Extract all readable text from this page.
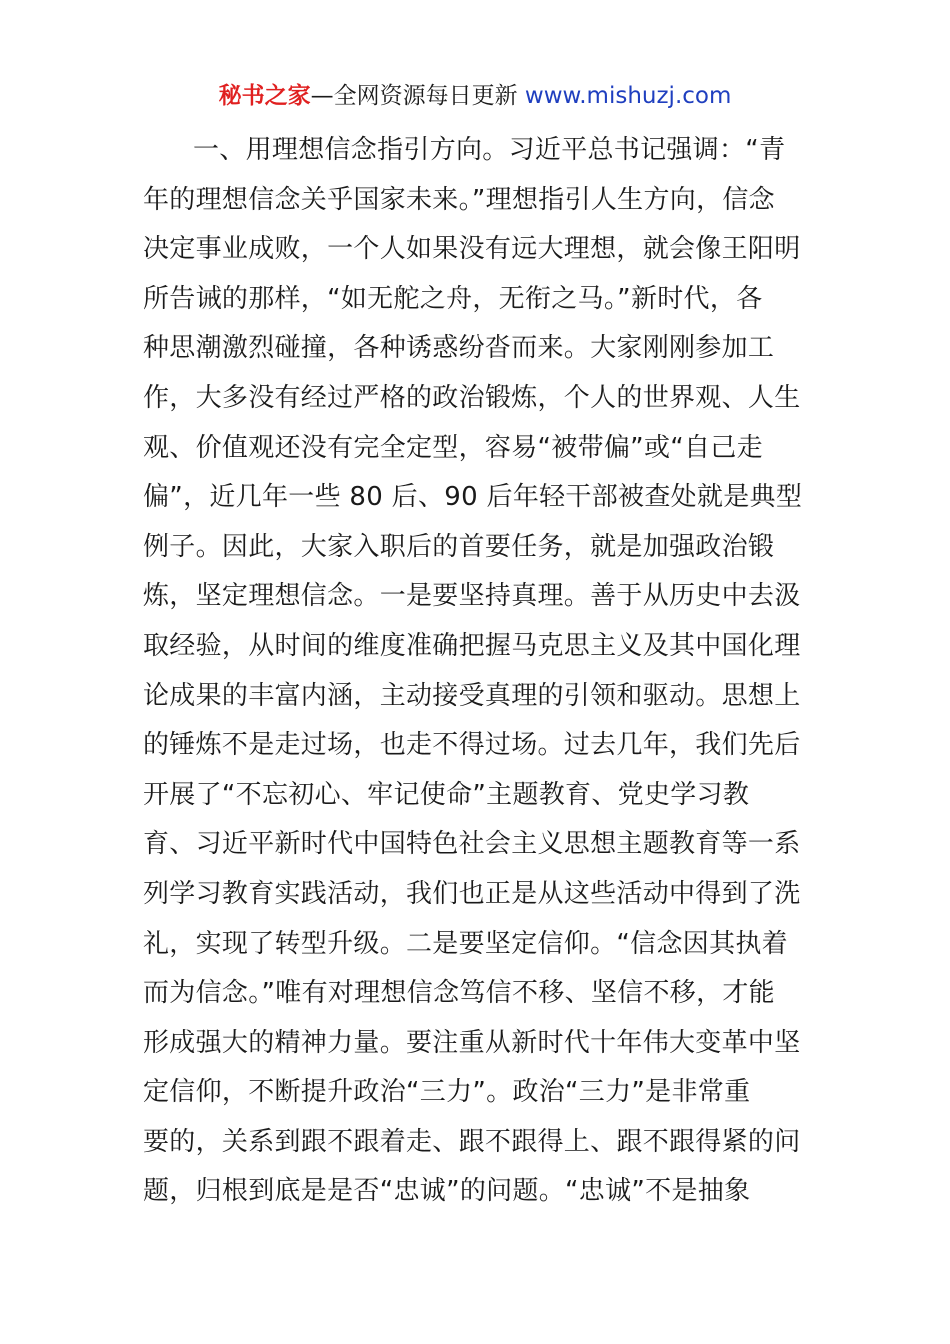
秘书之家—全网资源每日更新 www.mishuzj.com
一、用理想信念指引方向。习近平总书记强调：“青
年的理想信念关乎国家未来。”理想指引人生方向，信念
决定事业成败，一个人如果没有远大理想，就会像王阳明
所告诫的那样，“如无舵之舟，无衔之马。”新时代，各
种思潮激烈碰撞，各种诱惑纷沓而来。大家刚刚参加工
作，大多没有经过严格的政治锻炼，个人的世界观、人生
观、价值观还没有完全定型，容易“被带偏”或“自己走
偏”，近几年一些 80 后、90 后年轻干部被查处就是典型
例子。因此，大家入职后的首要任务，就是加强政治锻
炼，坚定理想信念。一是要坚持真理。善于从历史中去汲
取经验，从时间的维度准确把握马克思主义及其中国化理
论成果的丰富内涵，主动接受真理的引领和驱动。思想上
的锤炼不是走过场，也走不得过场。过去几年，我们先后
开展了“不忘初心、牢记使命”主题教育、党史学习教
育、习近平新时代中国特色社会主义思想主题教育等一系
列学习教育实践活动，我们也正是从这些活动中得到了洗
礼，实现了转型升级。二是要坚定信仰。“信念因其执着
而为信念。”唯有对理想信念笃信不移、坚信不移，才能
形成强大的精神力量。要注重从新时代十年伟大变革中坚
定信仰，不断提升政治“三力”。政治“三力”是非常重
要的，关系到跟不跟着走、跟不跟得上、跟不跟得紧的问
题，归根到底是是否“忠诚”的问题。“忠诚”不是抽象
